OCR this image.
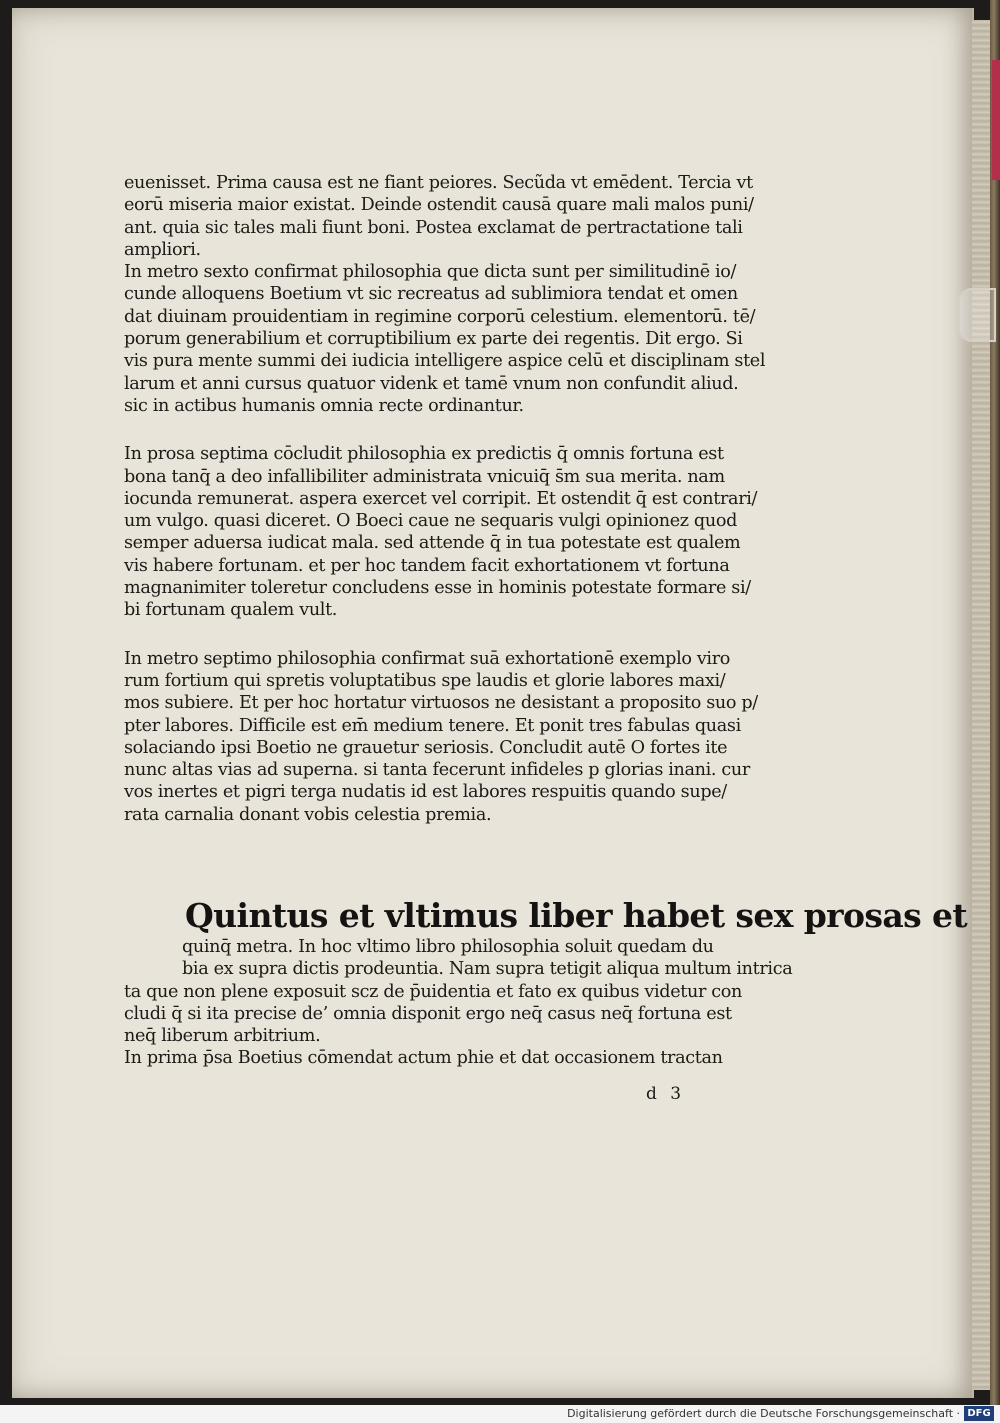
euenisset. Prima causa est ne fiant peiores. Secũda vt emēdent. Tercia vt
eorū miseria maior existat. Deinde ostendit causā quare mali malos puni/
ant. quia sic tales mali fiunt boni. Postea exclamat de pertractatione tali
ampliori.

In metro sexto confirmat philosophia que dicta sunt per similitudinē io/
cunde alloquens Boetium vt sic recreatus ad sublimiora tendat et omen
dat diuinam prouidentiam in regimine corporū celestium. elementorū. tē/
porum generabilium et corruptibilium ex parte dei regentis. Dit ergo. Si
vis pura mente summi dei iudicia intelligere aspice celū et disciplinam stel
larum et anni cursus quatuor videnk et tamē vnum non confundit aliud.
sic in actibus humanis omnia recte ordinantur.

In prosa septima cōcludit philosophia ex predictis q̄ omnis fortuna est
bona tanq̄ a deo infallibiliter administrata vnicuiq̄ s̄m sua merita. nam
iocunda remunerat. aspera exercet vel corripit. Et ostendit q̄ est contrari/
um vulgo. quasi diceret. O Boeci caue ne sequaris vulgi opinionez quod
semper aduersa iudicat mala. sed attende q̄ in tua potestate est qualem
vis habere fortunam. et per hoc tandem facit exhortationem vt fortuna
magnanimiter toleretur concludens esse in hominis potestate formare si/
bi fortunam qualem vult.

In metro septimo philosophia confirmat suā exhortationē exemplo viro
rum fortium qui spretis voluptatibus spe laudis et glorie labores maxi/
mos subiere. Et per hoc hortatur virtuosos ne desistant a proposito suo p/
pter labores. Difficile est em̄ medium tenere. Et ponit tres fabulas quasi
solaciando ipsi Boetio ne grauetur seriosis. Concludit autē O fortes ite
nunc altas vias ad superna. si tanta fecerunt infideles p glorias inani. cur
vos inertes et pigri terga nudatis id est labores respuitis quando supe/
rata carnalia donant vobis celestia premia.

Quintus et vltimus liber habet sex prosas et
quinq̄ metra. In hoc vltimo libro philosophia soluit quedam du
bia ex supra dictis prodeuntia. Nam supra tetigit aliqua multum intrica
ta que non plene exposuit scz de p̄uidentia et fato ex quibus videtur con
cludi q̄ si ita precise de’ omnia disponit ergo neq̄ casus neq̄ fortuna est
neq̄ liberum arbitrium.
In prima p̄sa Boetius cōmendat actum phie et dat occasionem tractan
d 3
Digitalisierung gefördert durch die Deutsche Forschungsgemeinschaft · DFG
